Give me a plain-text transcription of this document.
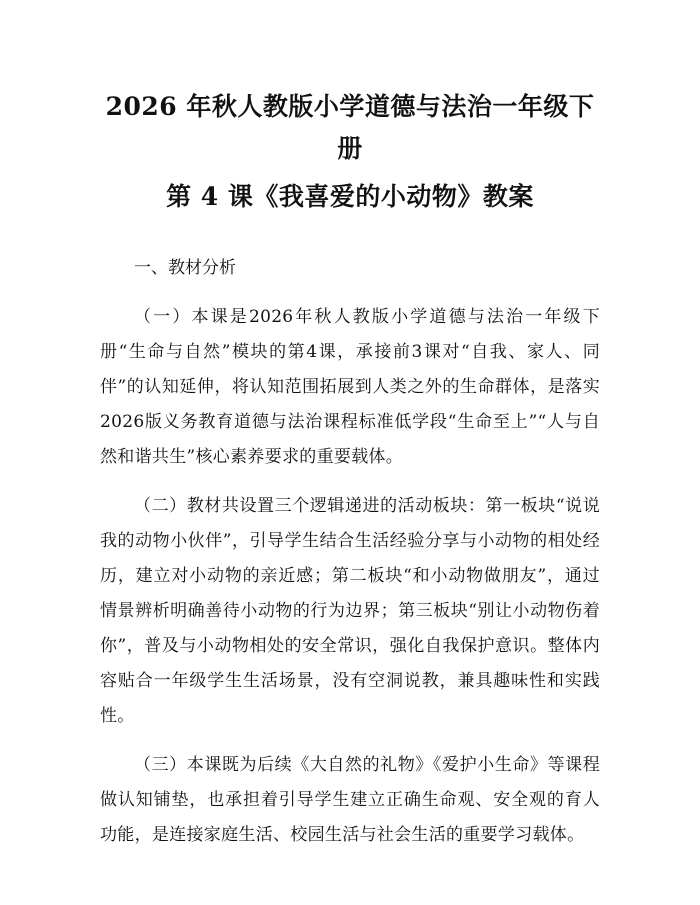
2026 年秋人教版小学道德与法治一年级下册
第 4 课《我喜爱的小动物》教案

一、教材分析

（一）本课是2026年秋人教版小学道德与法治一年级下册“生命与自然”模块的第4课，承接前3课对“自我、家人、同伴”的认知延伸，将认知范围拓展到人类之外的生命群体，是落实2026版义务教育道德与法治课程标准低学段“生命至上”“人与自然和谐共生”核心素养要求的重要载体。

（二）教材共设置三个逻辑递进的活动板块：第一板块“说说我的动物小伙伴”，引导学生结合生活经验分享与小动物的相处经历，建立对小动物的亲近感；第二板块“和小动物做朋友”，通过情景辨析明确善待小动物的行为边界；第三板块“别让小动物伤着你”，普及与小动物相处的安全常识，强化自我保护意识。整体内容贴合一年级学生生活场景，没有空洞说教，兼具趣味性和实践性。

（三）本课既为后续《大自然的礼物》《爱护小生命》等课程做认知铺垫，也承担着引导学生建立正确生命观、安全观的育人功能，是连接家庭生活、校园生活与社会生活的重要学习载体。
